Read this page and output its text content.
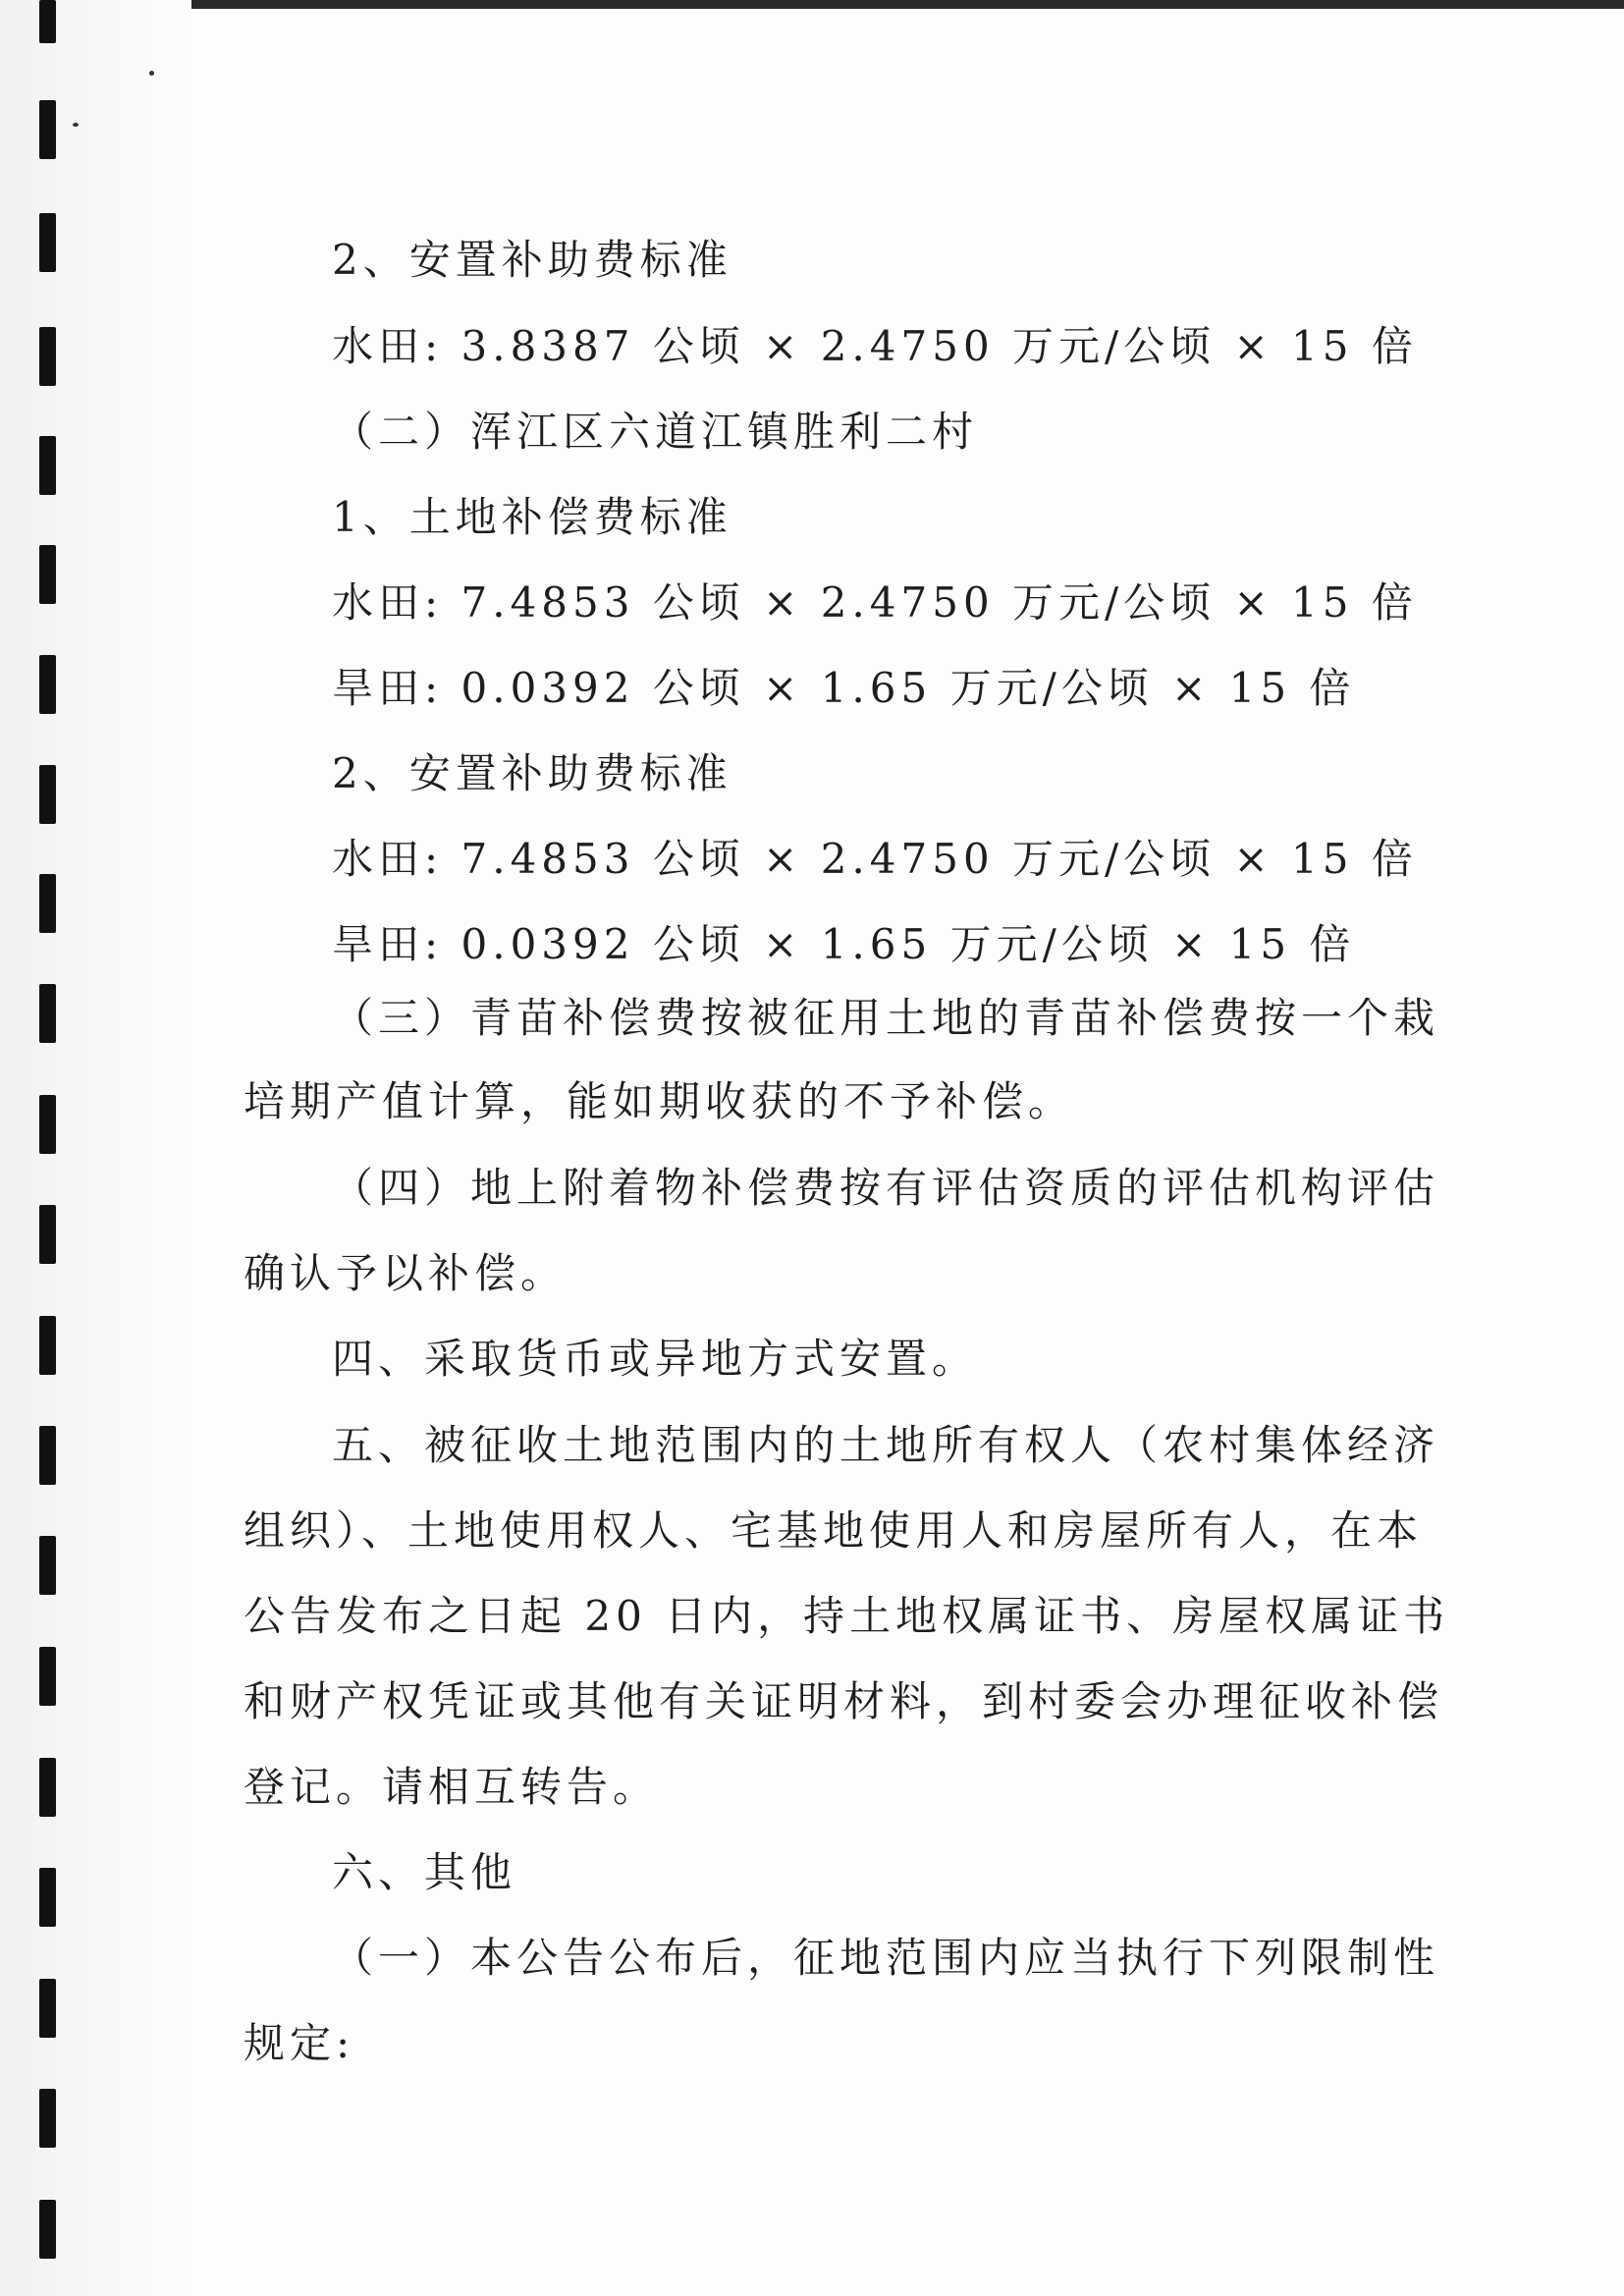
2、安置补助费标准
水田: 3.8387 公顷 × 2.4750 万元/公顷 × 15 倍
（二）浑江区六道江镇胜利二村
1、土地补偿费标准
水田: 7.4853 公顷 × 2.4750 万元/公顷 × 15 倍
旱田: 0.0392 公顷 × 1.65 万元/公顷 × 15 倍
2、安置补助费标准
水田: 7.4853 公顷 × 2.4750 万元/公顷 × 15 倍
旱田: 0.0392 公顷 × 1.65 万元/公顷 × 15 倍
（三）青苗补偿费按被征用土地的青苗补偿费按一个栽
培期产值计算，能如期收获的不予补偿。
（四）地上附着物补偿费按有评估资质的评估机构评估
确认予以补偿。
四、采取货币或异地方式安置。
五、被征收土地范围内的土地所有权人（农村集体经济
组织）、土地使用权人、宅基地使用人和房屋所有人，在本
公告发布之日起 20 日内，持土地权属证书、房屋权属证书
和财产权凭证或其他有关证明材料，到村委会办理征收补偿
登记。请相互转告。
六、其他
（一）本公告公布后，征地范围内应当执行下列限制性
规定:
